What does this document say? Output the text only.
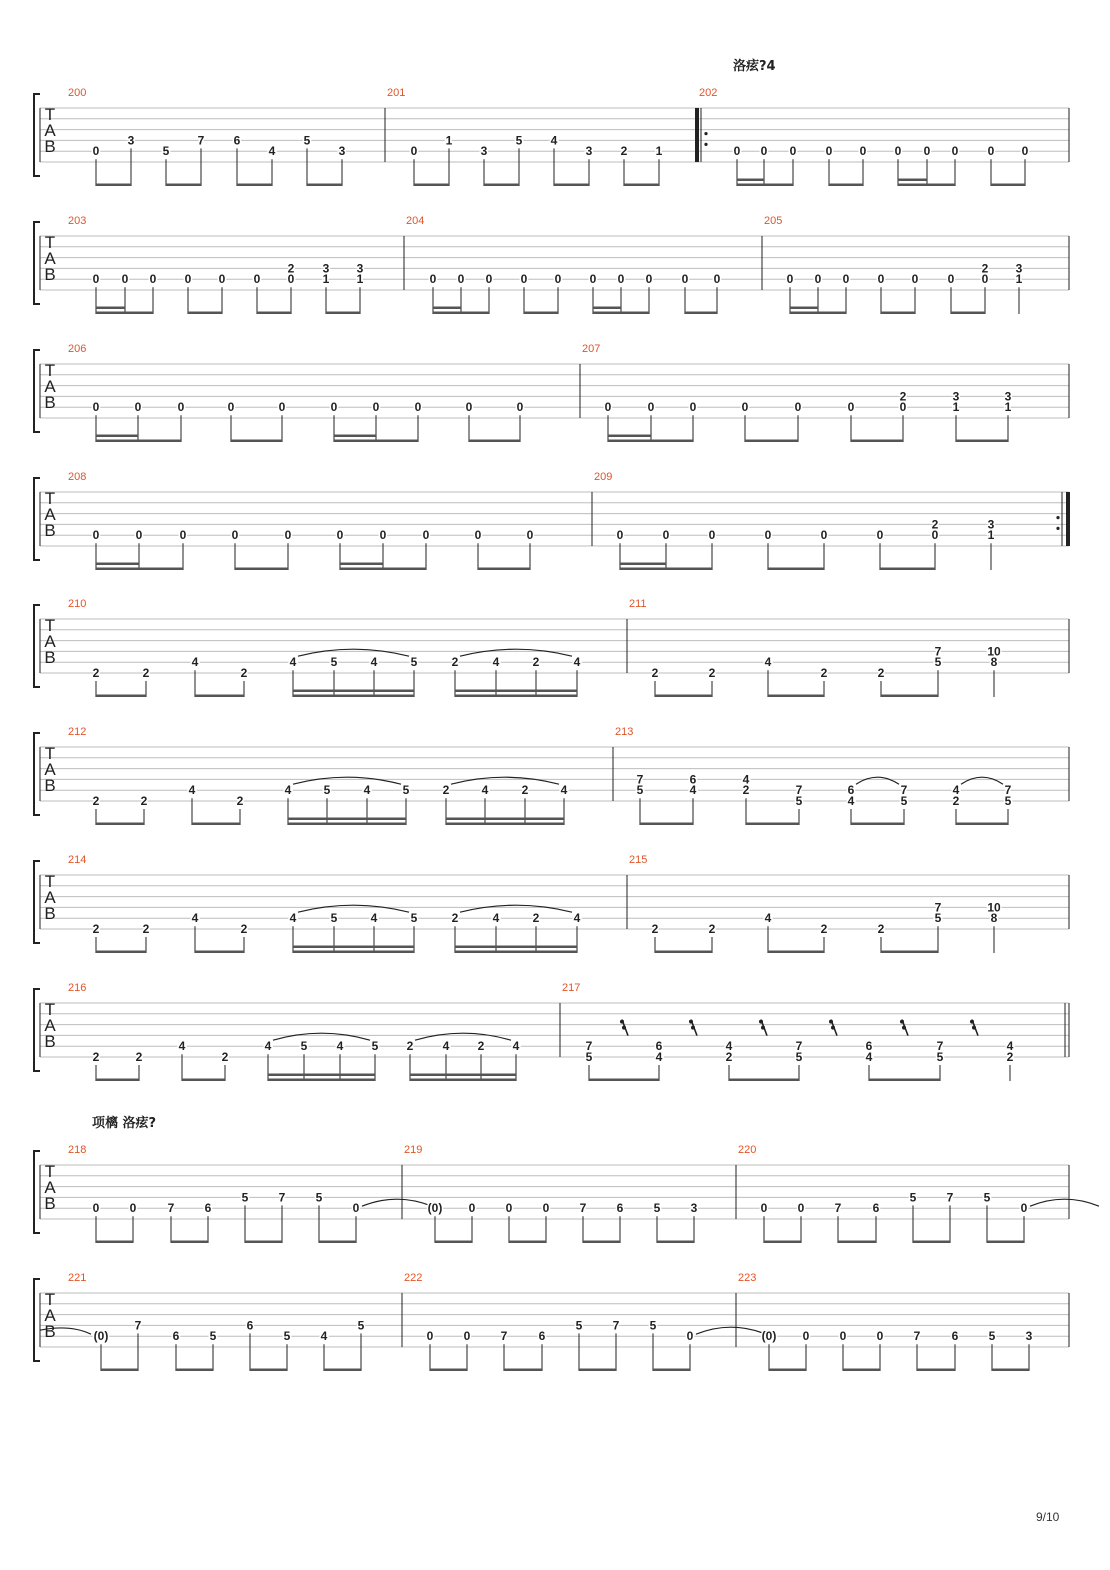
洛痃?4
项樆 洛痃?
T
A
B
200
0
3
5
7 6
4
5
3
201
0
1
3
5 4
3 2 1
202
0 0 0 0 0 0 0 0 0 0
T
A
B
203
0 0 0 0 0 0
2
0
3
1
3
1
204
0 0 0 0 0 0 0 0 0 0
205
0 0 0 0 0 0
2
0
3
1
T
A
B
206
0	0	0	0	0	0	0	0	0	0
207
0	0	0	0	0	0
2
0
3
1
3
1
T
A
B
208
0	0	0	0	0	0	0	0	0	0
209
0	0	0	0	0	0
2
0
3
1
T
A
B
210
2	2
4
2
4	5	4	5	2	4	2	4
211
2	2
4
2	2
7
5
10
8
T
A
B
212
2	2
4
2
4	5	4	5	2	4	2	4
213
7
5
6
4
4
2	7
5
6
4
7
5
4
2
7
5
T
A
B
214
2	2
4
2
4	5	4	5	2	4	2	4
215
2	2
4
2	2
7
5
10
8
T
A
B
216
2	2
4
2
4 5 4 5 2 4 2 4
217
7
5
6
4
4
2
7
5
6
4
7
5
4
2
T
A
B
218
0	0	7	6
5	7	5
0
219
(0) 0	0	0	7	6	5	3
220
0	0	7	6
5	7	5
0
T
A
B
221
(0)
7
6	5
6
5	4
5
222
0	0	7	6
5	7	5
0
223
(0) 0	0	0	7	6	5	3
9/10
